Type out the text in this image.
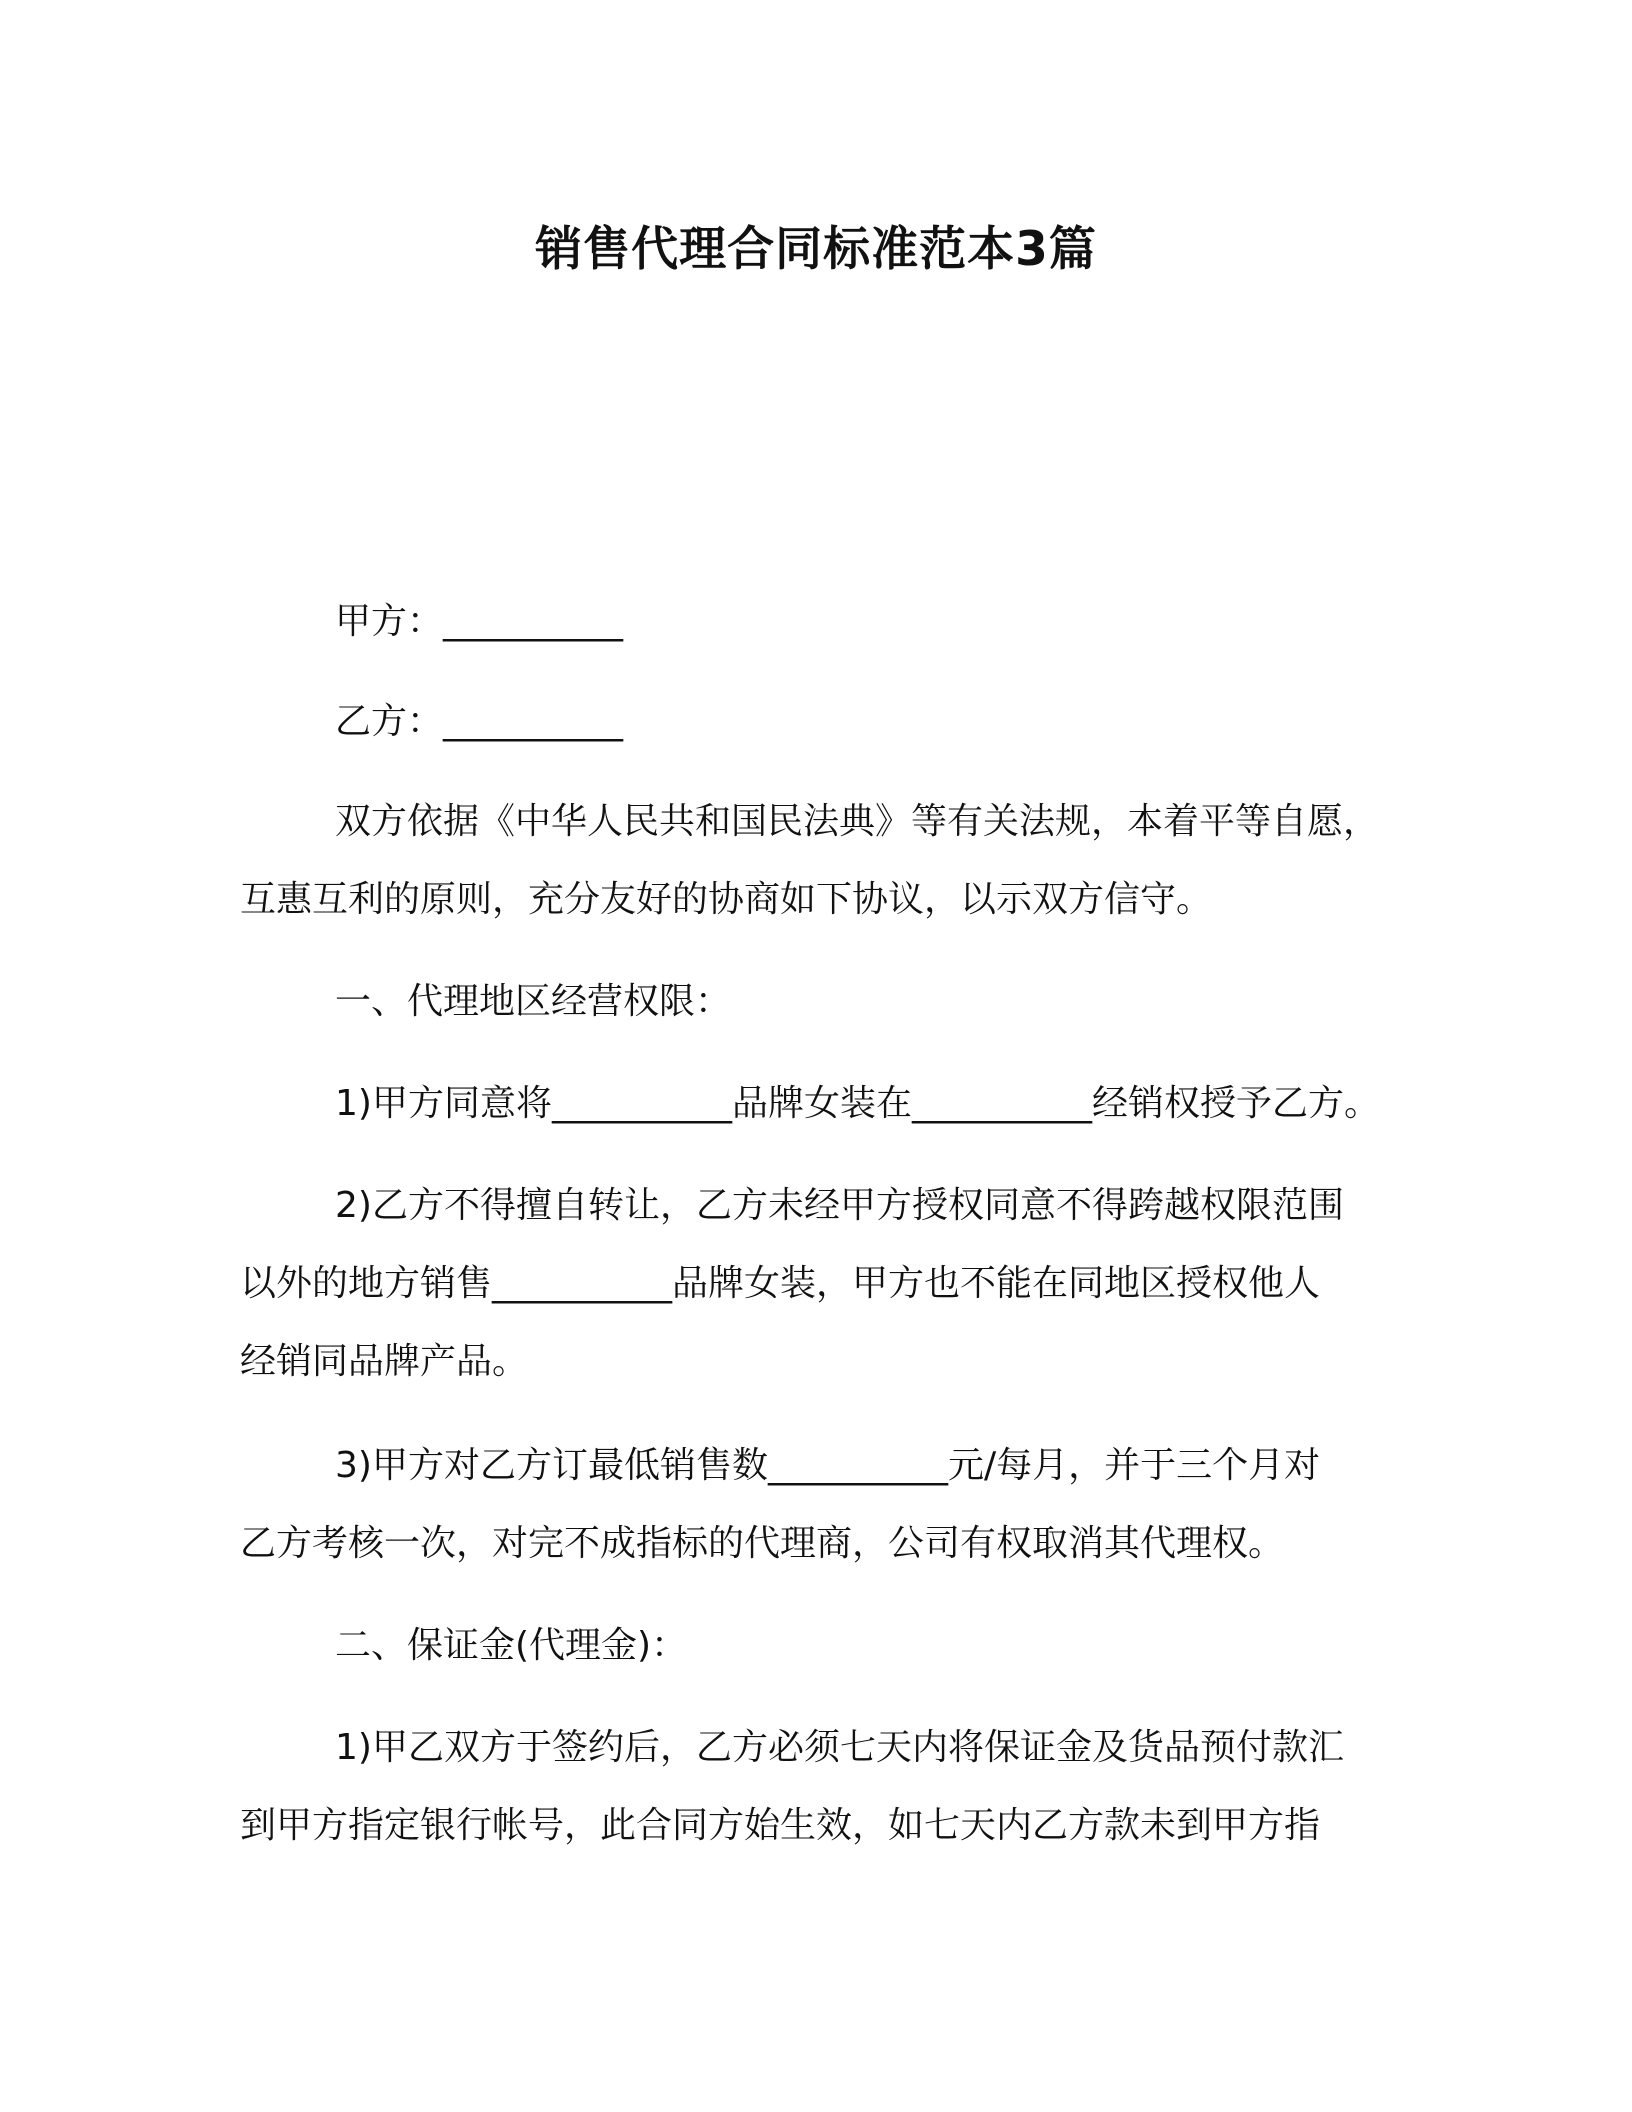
销售代理合同标准范本3篇

甲方：__________

乙方：__________

双方依据《中华人民共和国民法典》等有关法规，本着平等自愿，

互惠互利的原则，充分友好的协商如下协议，以示双方信守。

一、代理地区经营权限：

1)甲方同意将__________品牌女装在__________经销权授予乙方。

2)乙方不得擅自转让，乙方未经甲方授权同意不得跨越权限范围

以外的地方销售__________品牌女装，甲方也不能在同地区授权他人

经销同品牌产品。

3)甲方对乙方订最低销售数__________元/每月，并于三个月对

乙方考核一次，对完不成指标的代理商，公司有权取消其代理权。

二、保证金(代理金)：

1)甲乙双方于签约后，乙方必须七天内将保证金及货品预付款汇

到甲方指定银行帐号，此合同方始生效，如七天内乙方款未到甲方指
